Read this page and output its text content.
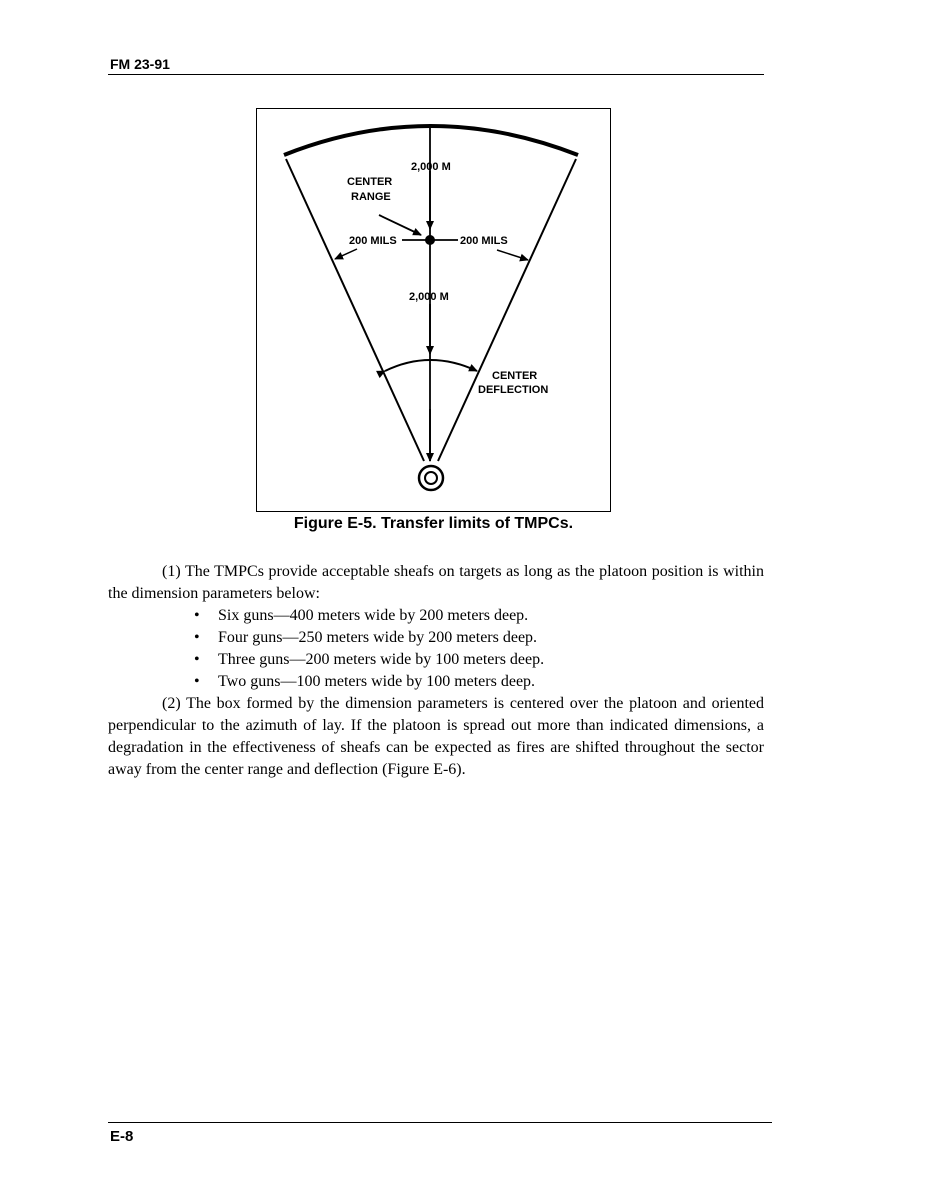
FM 23-91
2,000 M
CENTER
RANGE
200 MILS	200 MILS
2,000 M
CENTER
DEFLECTION
Figure E-5. Transfer limits of TMPCs.

(1) The TMPCs provide acceptable sheafs on targets as long as the platoon position is within the dimension parameters below:

• Six guns—400 meters wide by 200 meters deep.
• Four guns—250 meters wide by 200 meters deep.
• Three guns—200 meters wide by 100 meters deep.
• Two guns—100 meters wide by 100 meters deep.

(2) The box formed by the dimension parameters is centered over the platoon and oriented perpendicular to the azimuth of lay. If the platoon is spread out more than indicated dimensions, a degradation in the effectiveness of sheafs can be expected as fires are shifted throughout the sector away from the center range and deflection (Figure E-6).

E-8
